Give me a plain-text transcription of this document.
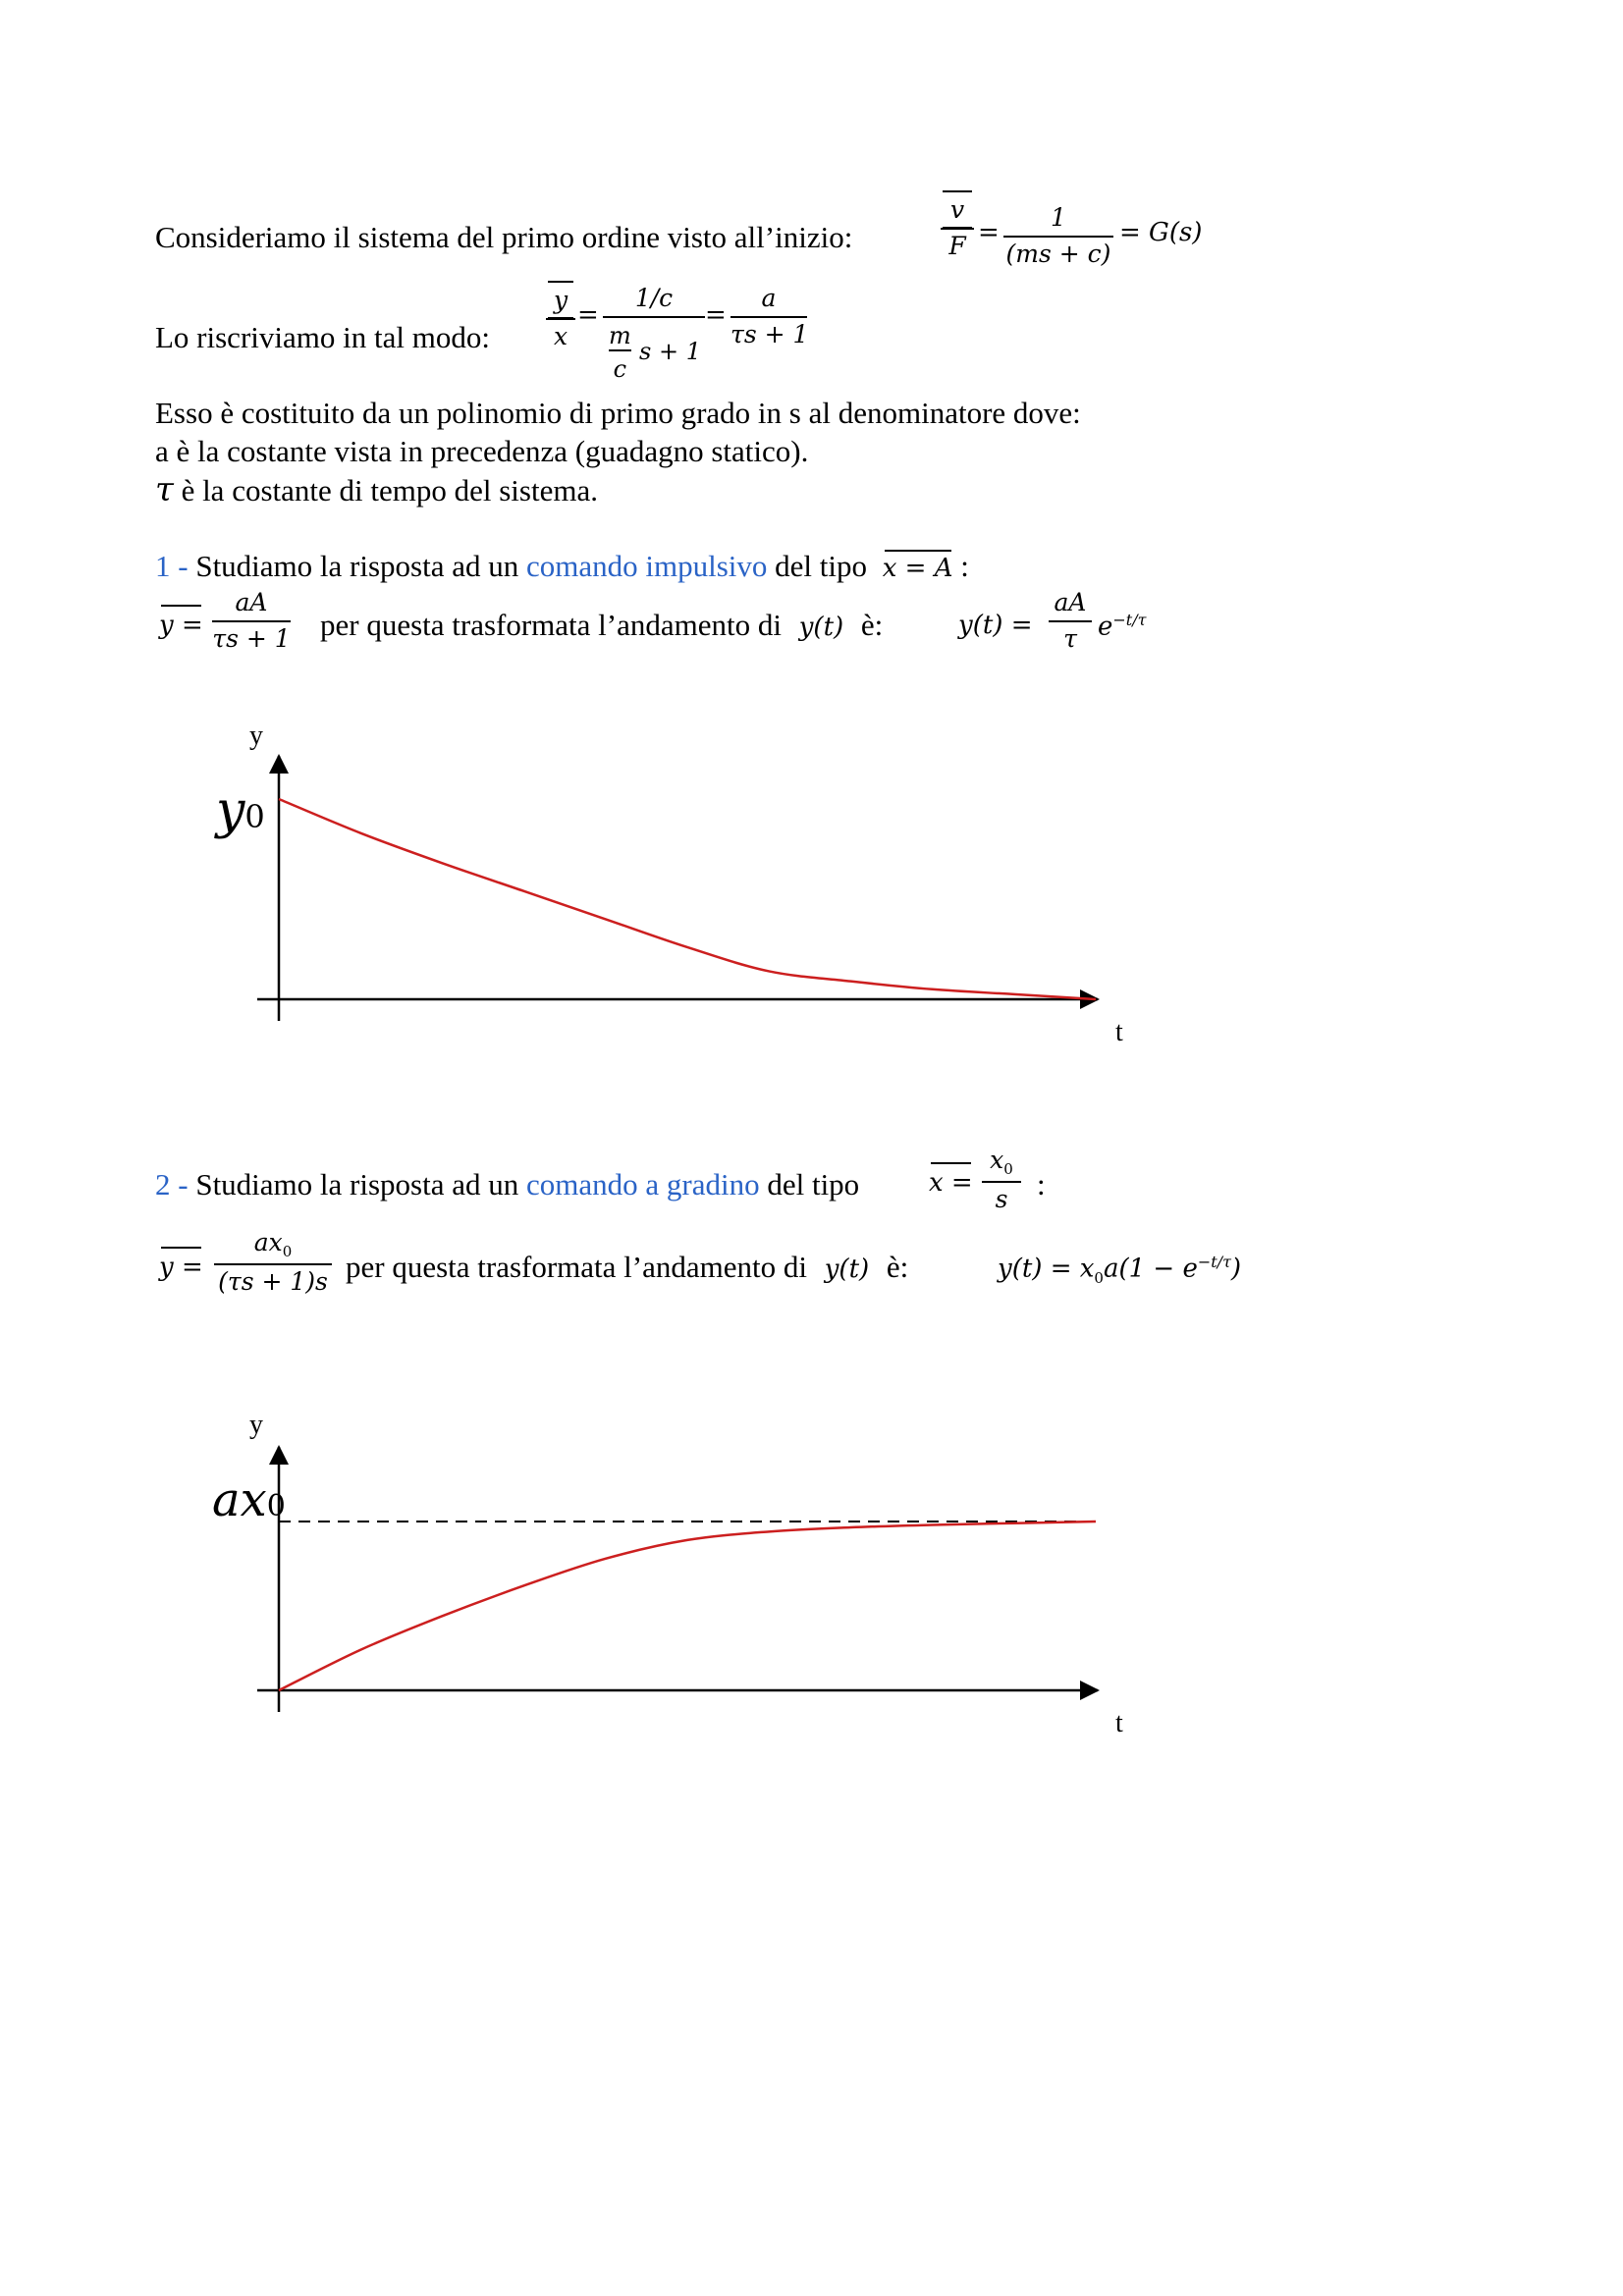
Consideriamo il sistema del primo ordine visto all’inizio:
v
F =
1
(ms + c)
= G(s)
Lo riscriviamo in tal modo:
y
x
=
1/c
$\frac{m}{c}$ s + 1
=
a
τs + 1
Esso è costituito da un polinomio di primo grado in s al denominatore dove:
a è la costante vista in precedenza (guadagno statico).
τ è la costante di tempo del sistema.
1 - Studiamo la risposta ad un comando impulsivo del tipo x = A :
y =
aA
τs + 1 per questa trasformata l’andamento di y(t) è:	y(t) =
aA
τ $e^{-t/\tau}$
y
y0
t
2 - Studiamo la risposta ad un comando a gradino del tipo	x =
$x_0$
s :
y =
$ax_0$
(τs + 1)s per questa trasformata l’andamento di y(t) è:	$y(t) = x_0a(1 - e^{-t/\tau})$
y
ax0
t
